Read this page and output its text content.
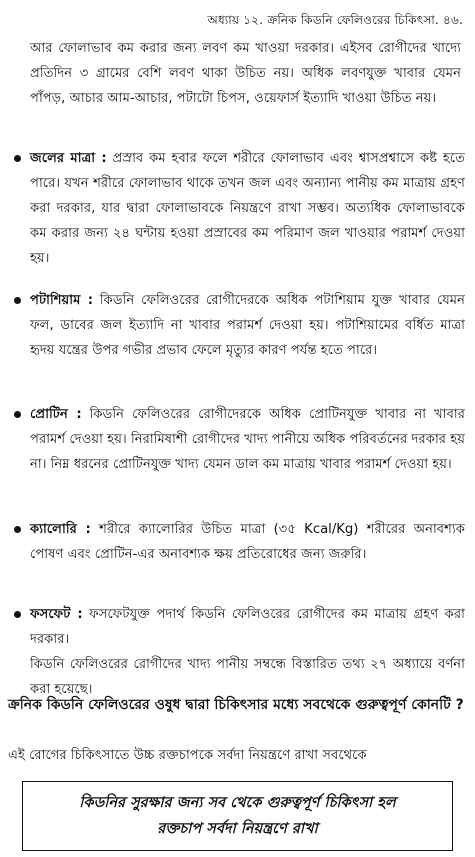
অধ্যায় ১২. ক্রনিক কিডনি ফেলিওরের চিকিৎসা. ৪৬.
আর ফোলাভাব কম করার জন্য লবণ কম খাওয়া দরকার। এইসব রোগীদের খাদ্যে প্রতিদিন ৩ গ্রামের বেশি লবণ থাকা উচিত নয়। অধিক লবণযুক্ত খাবার যেমন পাঁপড়, আচার আম-আচার, পটাটো চিপস, ওয়েফার্স ইত্যাদি খাওয়া উচিত নয়।
জলের মাত্রা : প্রস্রাব কম হবার ফলে শরীরে ফোলাভাব এবং শ্বাসপ্রশ্বাসে কষ্ট হতে পারে। যখন শরীরে ফোলাভাব থাকে তখন জল এবং অন্যান্য পানীয় কম মাত্রায় গ্রহণ করা দরকার, যার দ্বারা ফোলাভাবকে নিয়ন্ত্রণে রাখা সম্ভব। অত্যধিক ফোলাভাবকে কম করার জন্য ২৪ ঘন্টায় হওয়া প্রস্রাবের কম পরিমাণ জল খাওয়ার পরামর্শ দেওয়া হয়।
পটাশিয়াম : কিডনি ফেলিওরের রোগীদেরকে অধিক পটাশিয়াম যুক্ত খাবার যেমন ফল, ডাবের জল ইত্যাদি না খাবার পরামর্শ দেওয়া হয়। পটাশিয়ামের বর্ধিত মাত্রা হৃদয় যন্ত্রের উপর গভীর প্রভাব ফেলে মৃত্যুর কারণ পর্যন্ত হতে পারে।
প্রোটিন : কিডনি ফেলিওরের রোগীদেরকে অধিক প্রোটিনযুক্ত খাবার না খাবার পরামর্শ দেওয়া হয়। নিরামিষাশী রোগীদের খাদ্য পানীয়ে অধিক পরিবর্তনের দরকার হয় না। নিম্ন ধরনের প্রোটিনযুক্ত খাদ্য যেমন ডাল কম মাত্রায় খাবার পরামর্শ দেওয়া হয়।
ক্যালোরি : শরীরে ক্যালোরির উচিত মাত্রা (৩৫ Kcal/Kg) শরীরের অনাবশ্যক পোষণ এবং প্রোটিন-এর অনাবশ্যক ক্ষয় প্রতিরোধের জন্য জরুরি।
ফসফেট : ফসফেটযুক্ত পদার্থ কিডনি ফেলিওরের রোগীদের কম মাত্রায় গ্রহণ করা দরকার।
কিডনি ফেলিওরের রোগীদের খাদ্য পানীয় সম্বন্ধে বিস্তারিত তথ্য ২৭ অধ্যায়ে বর্ণনা করা হয়েছে।
ক্রনিক কিডনি ফেলিওরের ওষুধ দ্বারা চিকিৎসার মধ্যে সবথেকে গুরুত্বপূর্ণ কোনটি ?
এই রোগের চিকিৎসাতে উচ্চ রক্তচাপকে সর্বদা নিয়ন্ত্রণে রাখা সবথেকে
কিডনির সুরক্ষার জন্য সব থেকে গুরুত্বপূর্ণ চিকিৎসা হল
রক্তচাপ সর্বদা নিয়ন্ত্রণে রাখা
